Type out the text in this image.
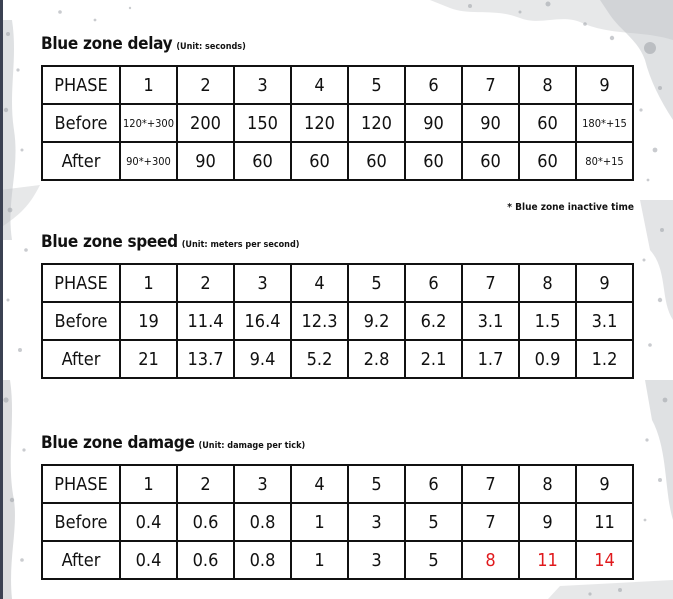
Blue zone delay (Unit: seconds)
PHASE	1	2	3	4	5	6	7	8	9
Before	120*+300	200	150	120	120	90	90	60	180*+15
After	90*+300	90	60	60	60	60	60	60	80*+15
* Blue zone inactive time
Blue zone speed (Unit: meters per second)
PHASE	1	2	3	4	5	6	7	8	9
Before	19	11.4	16.4	12.3	9.2	6.2	3.1	1.5	3.1
After	21	13.7	9.4	5.2	2.8	2.1	1.7	0.9	1.2
Blue zone damage (Unit: damage per tick)
PHASE	1	2	3	4	5	6	7	8	9
Before	0.4	0.6	0.8	1	3	5	7	9	11
After	0.4	0.6	0.8	1	3	5	8	11	14
